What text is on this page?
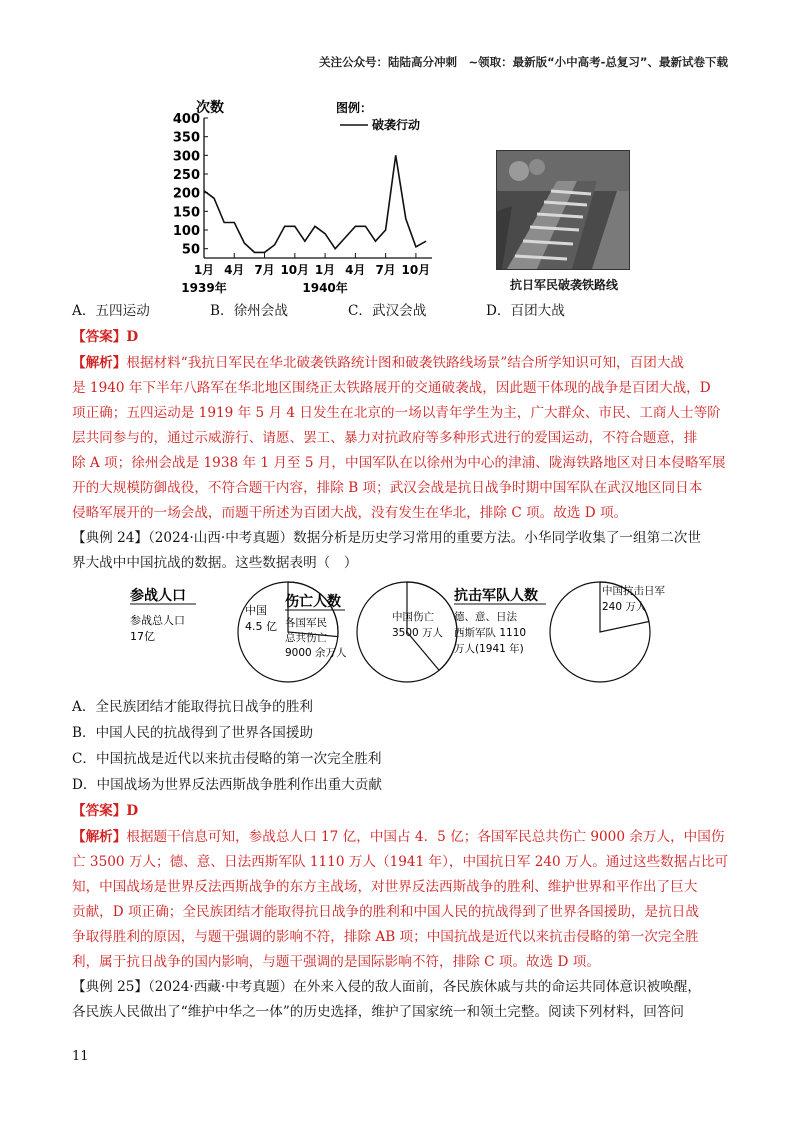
关注公众号：陆陆高分冲刺　~领取：最新版“小中高考-总复习”、最新试卷下载
次数
400
350
300
250
200
150
100
50
1月 4月 7月 10月 1月 4月 7月 10月
1939年	1940年
图例：
破袭行动
抗日军民破袭铁路线
A．五四运动	B．徐州会战	C．武汉会战	D．百团大战
【答案】D
【解析】根据材料“我抗日军民在华北破袭铁路统计图和破袭铁路线场景”结合所学知识可知，百团大战
是 1940 年下半年八路军在华北地区围绕正太铁路展开的交通破袭战，因此题干体现的战争是百团大战，D
项正确；五四运动是 1919 年 5 月 4 日发生在北京的一场以青年学生为主，广大群众、市民、工商人士等阶
层共同参与的，通过示威游行、请愿、罢工、暴力对抗政府等多种形式进行的爱国运动，不符合题意，排
除 A 项；徐州会战是 1938 年 1 月至 5 月，中国军队在以徐州为中心的津浦、陇海铁路地区对日本侵略军展
开的大规模防御战役，不符合题干内容，排除 B 项；武汉会战是抗日战争时期中国军队在武汉地区同日本
侵略军展开的一场会战，而题干所述为百团大战，没有发生在华北，排除 C 项。故选 D 项。
【典例 24】（2024·山西·中考真题）数据分析是历史学习常用的重要方法。小华同学收集了一组第二次世
界大战中中国抗战的数据。这些数据表明（　）
参战人口
参战总人口
17亿
中国
4.5 亿
伤亡人数
各国军民
总共伤亡
9000 余万人
中国伤亡
3500 万人
抗击军队人数
德、意、日法
西斯军队 1110
万人(1941 年)
中国抗击日军
240 万人
A．全民族团结才能取得抗日战争的胜利
B．中国人民的抗战得到了世界各国援助
C．中国抗战是近代以来抗击侵略的第一次完全胜利
D．中国战场为世界反法西斯战争胜利作出重大贡献
【答案】D
【解析】根据题干信息可知，参战总人口 17 亿，中国占 4．5 亿；各国军民总共伤亡 9000 余万人，中国伤
亡 3500 万人；德、意、日法西斯军队 1110 万人（1941 年），中国抗日军 240 万人。通过这些数据占比可
知，中国战场是世界反法西斯战争的东方主战场，对世界反法西斯战争的胜利、维护世界和平作出了巨大
贡献，D 项正确；全民族团结才能取得抗日战争的胜利和中国人民的抗战得到了世界各国援助，是抗日战
争取得胜利的原因，与题干强调的影响不符，排除 AB 项；中国抗战是近代以来抗击侵略的第一次完全胜
利，属于抗日战争的国内影响，与题干强调的是国际影响不符，排除 C 项。故选 D 项。
【典例 25】（2024·西藏·中考真题）在外来入侵的敌人面前，各民族休戚与共的命运共同体意识被唤醒，
各民族人民做出了“维护中华之一体”的历史选择，维护了国家统一和领土完整。阅读下列材料，回答问
11
